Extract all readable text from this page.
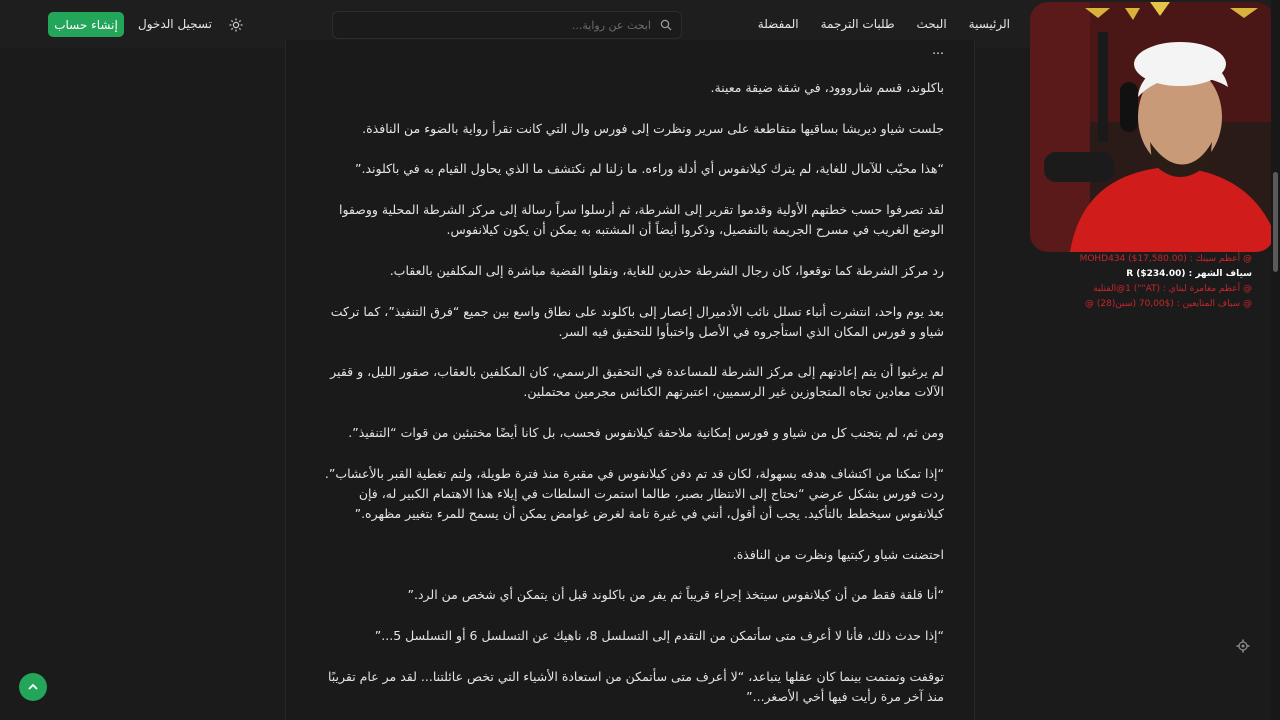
الرئيسية
البحث
طلبات الترجمة
المفضلة
ابحث عن رواية...
تسجيل الدخول
إنشاء حساب

...

باكلوند، قسم شارووود، في شقة ضيقة معينة.

جلست شياو ديريشا بساقيها متقاطعة على سرير ونظرت إلى فورس وال التي كانت تقرأ رواية بالضوء من النافذة.

“هذا محبّب للآمال للغاية، لم يترك كيلانفوس أي أدلة وراءه. ما زلنا لم نكتشف ما الذي يحاول القيام به في باكلوند.”

لقد تصرفوا حسب خطتهم الأولية وقدموا تقرير إلى الشرطة، ثم أرسلوا سراً رسالة إلى مركز الشرطة المحلية ووصفوا الوضع الغريب في مسرح الجريمة بالتفصيل، وذكروا أيضاً أن المشتبه به يمكن أن يكون كيلانفوس.

رد مركز الشرطة كما توقعوا، كان رجال الشرطة حذرين للغاية، ونقلوا القضية مباشرة إلى المكلفين بالعقاب.

بعد يوم واحد، انتشرت أنباء تسلل نائب الأدميرال إعصار إلى باكلوند على نطاق واسع بين جميع “فرق التنفيذ”، كما تركت شياو و فورس المكان الذي استأجروه في الأصل واختبأوا للتحقيق فيه السر.

لم يرغبوا أن يتم إعادتهم إلى مركز الشرطة للمساعدة في التحقيق الرسمي، كان المكلفين بالعقاب، صقور الليل، و ققير الآلات معادين تجاه المتجاوزين غير الرسميين، اعتبرتهم الكنائس مجرمين محتملين.

ومن ثم، لم يتجنب كل من شياو و فورس إمكانية ملاحقة كيلانفوس فحسب، بل كانا أيضًا مختبئين من قوات “التنفيذ”.

“إذا تمكنا من اكتشاف هدفه بسهولة، لكان قد تم دفن كيلانفوس في مقبرة منذ فترة طويلة، ولتم تغطية القبر بالأعشاب”. ردت فورس بشكل عرضي “نحتاج إلى الانتظار بصبر، طالما استمرت السلطات في إيلاء هذا الاهتمام الكبير له، فإن كيلانفوس سيخطط بالتأكيد. يجب أن أقول، أنني في غيرة تامة لغرض غوامض يمكن أن يسمح للمرء بتغيير مظهره.”

احتضنت شياو ركبتيها ونظرت من النافذة.

“أنا قلقة فقط من أن كيلانفوس سيتخذ إجراء قريباً ثم يفر من باكلوند قبل أن يتمكن أي شخص من الرد.”

“إذا حدث ذلك، فأنا لا أعرف متى سأتمكن من التقدم إلى التسلسل 8، ناهيك عن التسلسل 6 أو التسلسل 5...”

توقفت وتمتمت بينما كان عقلها يتباعد، “لا أعرف متى سأتمكن من استعادة الأشياء التي تخص عائلتنا... لقد مر عام تقريبًا منذ آخر مرة رأيت فيها أخي الأصغر...”

@ أعظم سينك : (MOHD434 ($17,580.00
سياف الشهر : (R ($234.00
@ أعظم مغامرة لبتاي : (AT"") 1@الفتلبة
@ سياف المتابعين : ($70,00 (سبن(28) @
